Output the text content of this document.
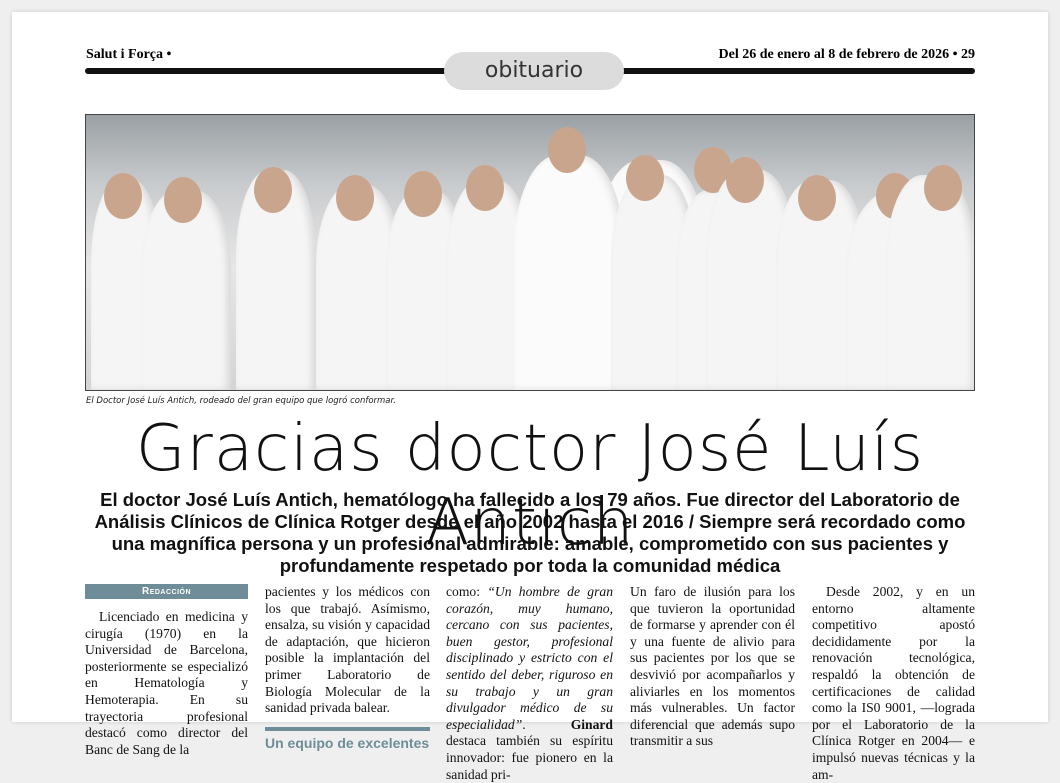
Salut i Força •	Del 26 de enero al 8 de febrero de 2026 • 29
obituario
El Doctor José Luís Antich, rodeado del gran equipo que logró conformar.
Gracias doctor José Luís Antich
El doctor José Luís Antich, hematólogo ha fallecido a los 79 años. Fue director del Laboratorio de Análisis Clínicos de Clínica Rotger desde el año 2002 hasta el 2016 / Siempre será recordado como una magnífica persona y un profesional admirable: amable, comprometido con sus pacientes y profundamente respetado por toda la comunidad médica
Redacción

Licenciado en medicina y cirugía (1970) en la Universidad de Barcelona, posteriormente se especializó en Hematología y Hemoterapia. En su trayectoria profesional destacó como director del Banc de Sang de la

pacientes y los médicos con los que trabajó. Asímismo, ensalza, su visión y capacidad de adaptación, que hicieron posible la implantación del primer Laboratorio de Biología Molecular de la sanidad privada balear.

Un equipo de excelentes

como: “Un hombre de gran corazón, muy humano, cercano con sus pacientes, buen gestor, profesional disciplinado y estricto con el sentido del deber, riguroso en su trabajo y un gran divulgador médico de su especialidad”. Ginard destaca también su espíritu innovador: fue pionero en la sanidad pri-

Un faro de ilusión para los que tuvieron la oportunidad de formarse y aprender con él y una fuente de alivio para sus pacientes por los que se desvivió por acompañarlos y aliviarles en los momentos más vulnerables. Un factor diferencial que además supo transmitir a sus

Desde 2002, y en un entorno altamente competitivo apostó decididamente por la renovación tecnológica, respaldó la obtención de certificaciones de calidad como la IS0 9001, —lograda por el Laboratorio de la Clínica Rotger en 2004— e impulsó nuevas técnicas y la am-
